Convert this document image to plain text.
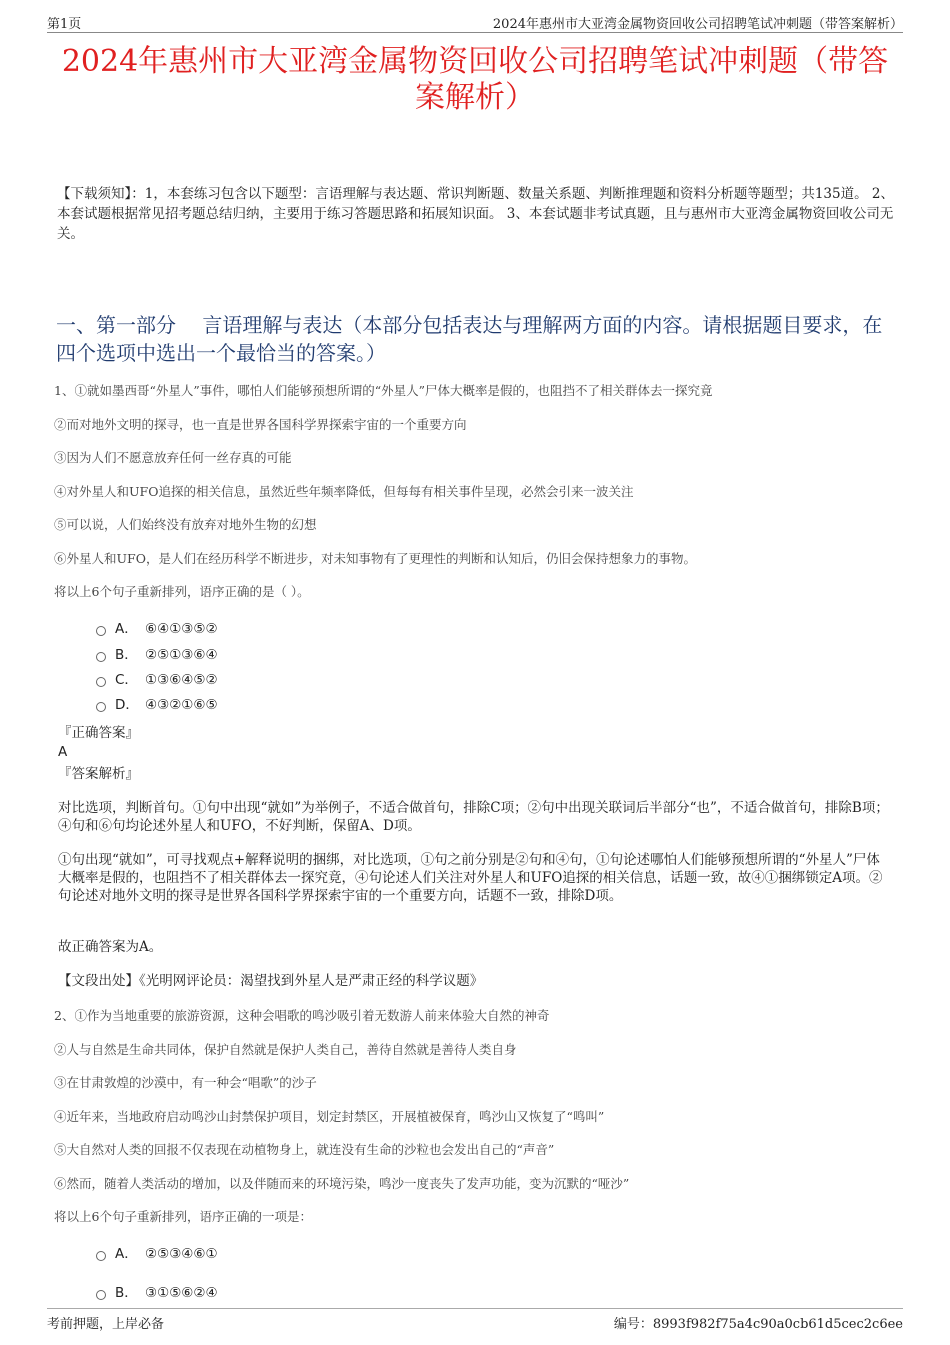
第1页	2024年惠州市大亚湾金属物资回收公司招聘笔试冲刺题（带答案解析）
2024年惠州市大亚湾金属物资回收公司招聘笔试冲刺题（带答案解析）
【下载须知】：1，本套练习包含以下题型：言语理解与表达题、常识判断题、数量关系题、判断推理题和资料分析题等题型；共135道。 2、本套试题根据常见招考题总结归纳，主要用于练习答题思路和拓展知识面。 3、本套试题非考试真题，且与惠州市大亚湾金属物资回收公司无关。
一、第一部分　 言语理解与表达（本部分包括表达与理解两方面的内容。请根据题目要求，在四个选项中选出一个最恰当的答案。）
1、①就如墨西哥“外星人”事件，哪怕人们能够预想所谓的“外星人”尸体大概率是假的，也阻挡不了相关群体去一探究竟
②而对地外文明的探寻，也一直是世界各国科学界探索宇宙的一个重要方向
③因为人们不愿意放弃任何一丝存真的可能
④对外星人和UFO追探的相关信息，虽然近些年频率降低，但每每有相关事件呈现，必然会引来一波关注
⑤可以说，人们始终没有放弃对地外生物的幻想
⑥外星人和UFO，是人们在经历科学不断进步，对未知事物有了更理性的判断和认知后，仍旧会保持想象力的事物。
将以上6个句子重新排列，语序正确的是（ ）。
A． ⑥④①③⑤②
B． ②⑤①③⑥④
C． ①③⑥④⑤②
D． ④③②①⑥⑤
『正确答案』
A
『答案解析』
对比选项，判断首句。①句中出现“就如”为举例子，不适合做首句，排除C项；②句中出现关联词后半部分“也”，不适合做首句，排除B项；④句和⑥句均论述外星人和UFO，不好判断，保留A、D项。
①句出现“就如”，可寻找观点+解释说明的捆绑，对比选项，①句之前分别是②句和④句，①句论述哪怕人们能够预想所谓的“外星人”尸体大概率是假的，也阻挡不了相关群体去一探究竟，④句论述人们关注对外星人和UFO追探的相关信息，话题一致，故④①捆绑锁定A项。②句论述对地外文明的探寻是世界各国科学界探索宇宙的一个重要方向，话题不一致，排除D项。
故正确答案为A。
【文段出处】《光明网评论员：渴望找到外星人是严肃正经的科学议题》
2、①作为当地重要的旅游资源，这种会唱歌的鸣沙吸引着无数游人前来体验大自然的神奇
②人与自然是生命共同体，保护自然就是保护人类自己，善待自然就是善待人类自身
③在甘肃敦煌的沙漠中，有一种会“唱歌”的沙子
④近年来，当地政府启动鸣沙山封禁保护项目，划定封禁区，开展植被保育，鸣沙山又恢复了“鸣叫”
⑤大自然对人类的回报不仅表现在动植物身上，就连没有生命的沙粒也会发出自己的“声音”
⑥然而，随着人类活动的增加，以及伴随而来的环境污染，鸣沙一度丧失了发声功能，变为沉默的“哑沙”
将以上6个句子重新排列，语序正确的一项是：
A． ②⑤③④⑥①
B． ③①⑤⑥②④
考前押题，上岸必备	编号：8993f982f75a4c90a0cb61d5cec2c6ee
